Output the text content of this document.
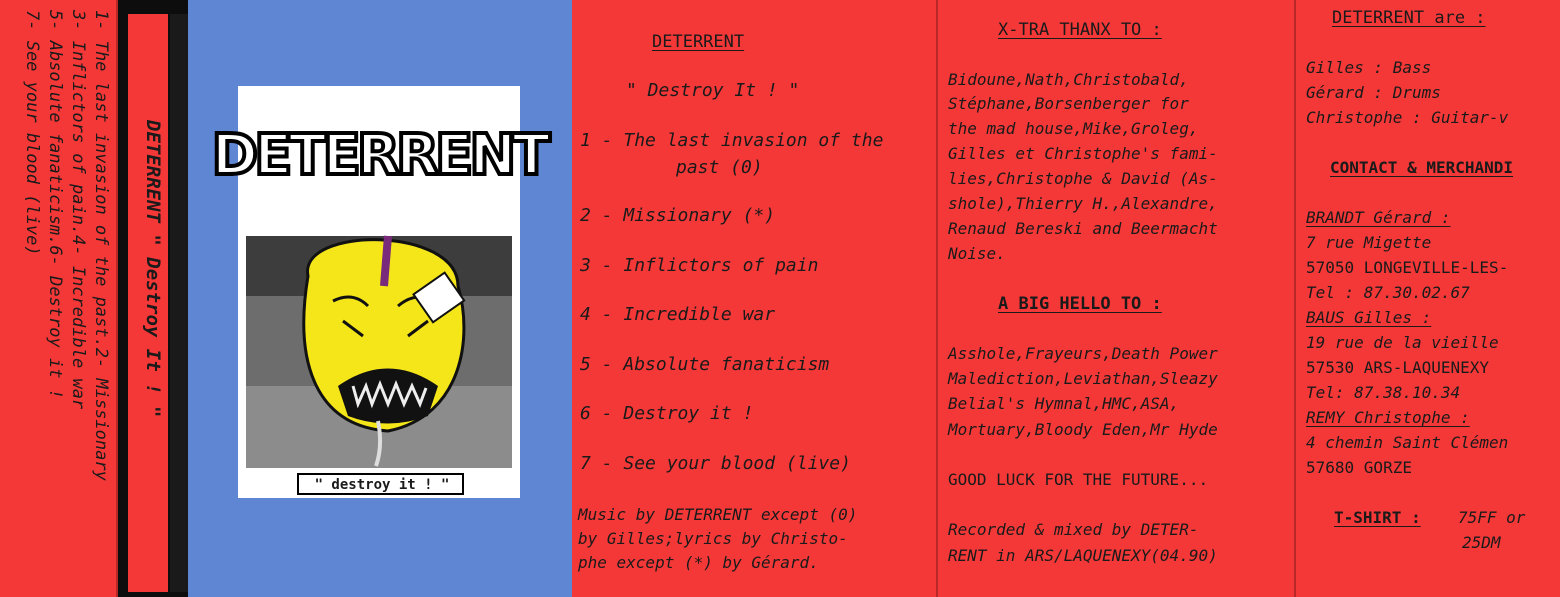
1- The last invasion of the past.2- Missionary
3- Inflictors of pain.4- Incredible war
5- Absolute fanaticism.6- Destroy it !
7- See your blood (live)	DETERRENT " Destroy It ! " DETERRENT
" destroy it ! "
DETERRENT
" Destroy It ! "
1 - The last invasion of the
past (0)
2 - Missionary (*)
3 - Inflictors of pain
4 - Incredible war
5 - Absolute fanaticism
6 - Destroy it !
7 - See your blood (live)
Music by DETERRENT except (0)
by Gilles;lyrics by Christo-
phe except (*) by Gérard.
X-TRA THANX TO :
Bidoune,Nath,Christobald,
Stéphane,Borsenberger for
the mad house,Mike,Groleg,
Gilles et Christophe's fami-
lies,Christophe & David (As-
shole),Thierry H.,Alexandre,
Renaud Bereski and Beermacht
Noise.
A BIG HELLO TO :
Asshole,Frayeurs,Death Power
Malediction,Leviathan,Sleazy
Belial's Hymnal,HMC,ASA,
Mortuary,Bloody Eden,Mr Hyde
GOOD LUCK FOR THE FUTURE...
Recorded & mixed by DETER-
RENT in ARS/LAQUENEXY(04.90)
DETERRENT are :
Gilles : Bass
Gérard : Drums
Christophe : Guitar-v
CONTACT & MERCHANDI
BRANDT Gérard :
7 rue Migette
57050 LONGEVILLE-LES-
Tel : 87.30.02.67
BAUS Gilles :
19 rue de la vieille
57530 ARS-LAQUENEXY
Tel: 87.38.10.34
REMY Christophe :
4 chemin Saint Clémen
57680 GORZE
T-SHIRT : 75FF or
25DM
